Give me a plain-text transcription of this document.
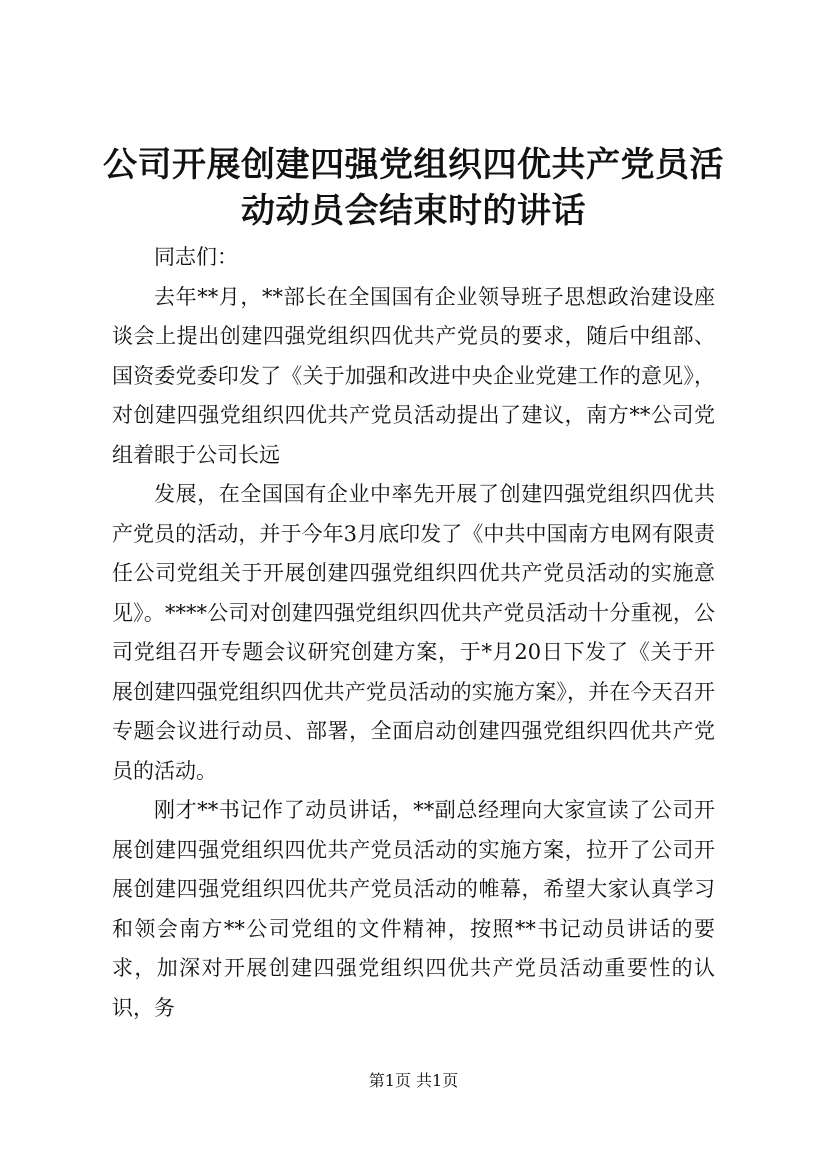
公司开展创建四强党组织四优共产党员活动动员会结束时的讲话

同志们：

去年**月，**部长在全国国有企业领导班子思想政治建设座谈会上提出创建四强党组织四优共产党员的要求，随后中组部、国资委党委印发了《关于加强和改进中央企业党建工作的意见》，对创建四强党组织四优共产党员活动提出了建议，南方**公司党组着眼于公司长远

发展，在全国国有企业中率先开展了创建四强党组织四优共产党员的活动，并于今年3月底印发了《中共中国南方电网有限责任公司党组关于开展创建四强党组织四优共产党员活动的实施意见》。****公司对创建四强党组织四优共产党员活动十分重视，公司党组召开专题会议研究创建方案，于*月20日下发了《关于开展创建四强党组织四优共产党员活动的实施方案》，并在今天召开专题会议进行动员、部署，全面启动创建四强党组织四优共产党员的活动。

刚才**书记作了动员讲话，**副总经理向大家宣读了公司开展创建四强党组织四优共产党员活动的实施方案，拉开了公司开展创建四强党组织四优共产党员活动的帷幕，希望大家认真学习和领会南方**公司党组的文件精神，按照**书记动员讲话的要求，加深对开展创建四强党组织四优共产党员活动重要性的认识，务

第1页 共1页
